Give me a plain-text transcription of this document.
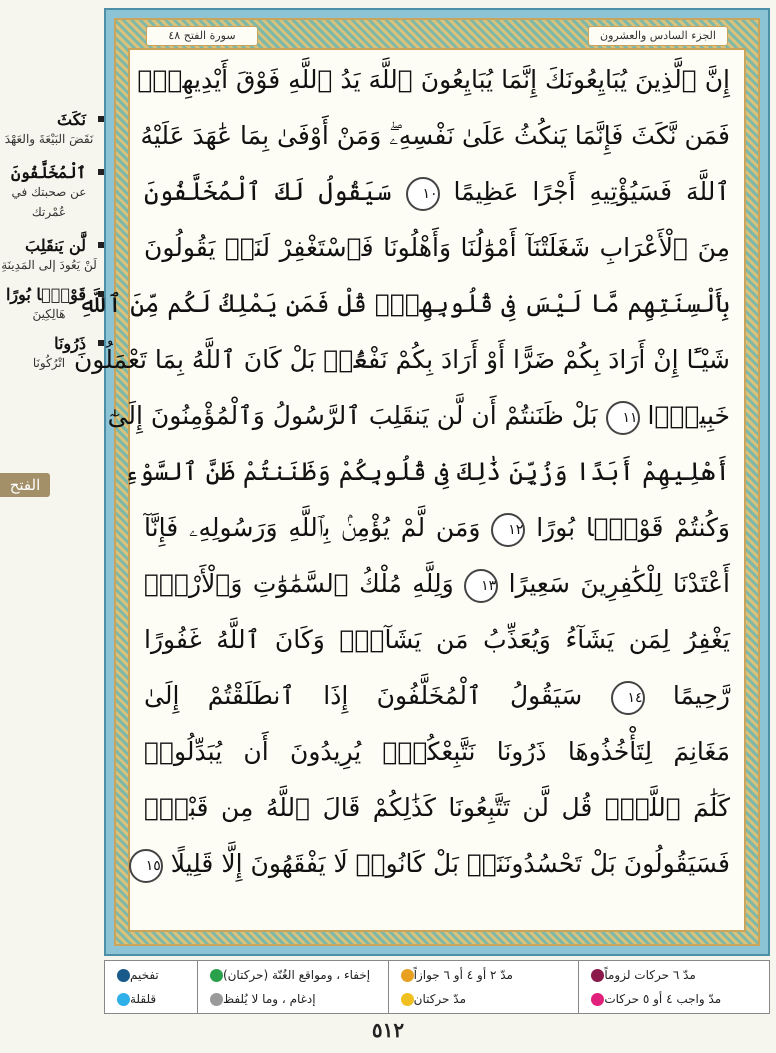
نَكَثَ
نَقَضَ البَيْعَةَ والعَهْدَ
ٱلْمُخَلَّفُونَ
عن صحبتك في عُمْرتك
لَّن يَنقَلِبَ
لَنْ يَعُودَ إلى المَدِينَةِ
قَوْمًۢا بُورًا
هَالِكِينَ
ذَرُونَا
اتْرُكُونَا
الفتح
الجزء السادس والعشرون
سورة الفتح ٤٨
إِنَّ ٱلَّذِينَ يُبَايِعُونَكَ إِنَّمَا يُبَايِعُونَ ٱللَّهَ يَدُ ٱللَّهِ فَوْقَ أَيْدِيهِمْۚ
فَمَن نَّكَثَ فَإِنَّمَا يَنكُثُ عَلَىٰ نَفْسِهِۦۖ وَمَنْ أَوْفَىٰ بِمَا عَٰهَدَ عَلَيْهُ
ٱللَّهَ فَسَيُؤْتِيهِ أَجْرًا عَظِيمًا ١٠ سَيَقُولُ لَكَ ٱلْمُخَلَّفُونَ
مِنَ ٱلْأَعْرَابِ شَغَلَتْنَآ أَمْوَٰلُنَا وَأَهْلُونَا فَٱسْتَغْفِرْ لَنَاۚ يَقُولُونَ
بِأَلْسِنَتِهِم مَّا لَيْسَ فِى قُلُوبِهِمْۚ قُلْ فَمَن يَمْلِكُ لَكُم مِّنَ ٱللَّهِ
شَيْـًٔا إِنْ أَرَادَ بِكُمْ ضَرًّا أَوْ أَرَادَ بِكُمْ نَفْعًۢاۚ بَلْ كَانَ ٱللَّهُ بِمَا تَعْمَلُونَ
خَبِيرًۢا ١١ بَلْ ظَنَنتُمْ أَن لَّن يَنقَلِبَ ٱلرَّسُولُ وَٱلْمُؤْمِنُونَ إِلَىٰٓ
أَهْلِيهِمْ أَبَدًا وَزُيِّنَ ذَٰلِكَ فِى قُلُوبِكُمْ وَظَنَنتُمْ ظَنَّ ٱلسَّوْءِ
وَكُنتُمْ قَوْمًۢا بُورًا ١٢ وَمَن لَّمْ يُؤْمِنۢ بِٱللَّهِ وَرَسُولِهِۦ فَإِنَّآ
أَعْتَدْنَا لِلْكَٰفِرِينَ سَعِيرًا ١٣ وَلِلَّهِ مُلْكُ ٱلسَّمَٰوَٰتِ وَٱلْأَرْضِۚ
يَغْفِرُ لِمَن يَشَآءُ وَيُعَذِّبُ مَن يَشَآءُۚ وَكَانَ ٱللَّهُ غَفُورًا
رَّحِيمًا ١٤ سَيَقُولُ ٱلْمُخَلَّفُونَ إِذَا ٱنطَلَقْتُمْ إِلَىٰ
مَغَانِمَ لِتَأْخُذُوهَا ذَرُونَا نَتَّبِعْكُمْۖ يُرِيدُونَ أَن يُبَدِّلُوا۟
كَلَٰمَ ٱللَّهِۚ قُل لَّن تَتَّبِعُونَا كَذَٰلِكُمْ قَالَ ٱللَّهُ مِن قَبْلُۖ
فَسَيَقُولُونَ بَلْ تَحْسُدُونَنَاۚ بَلْ كَانُوا۟ لَا يَفْقَهُونَ إِلَّا قَلِيلًا ١٥
مدّ ٦ حركات لزوماً
مدّ واجب ٤ أو ٥ حركات
مدّ ٢ أو ٤ أو ٦ جوازاً
مدّ حركتان
إخفاء ، ومواقع الغُنّة (حركتان)
إدغام ، وما لا يُلفظ
تفخيم
قلقلة
٥١٢
